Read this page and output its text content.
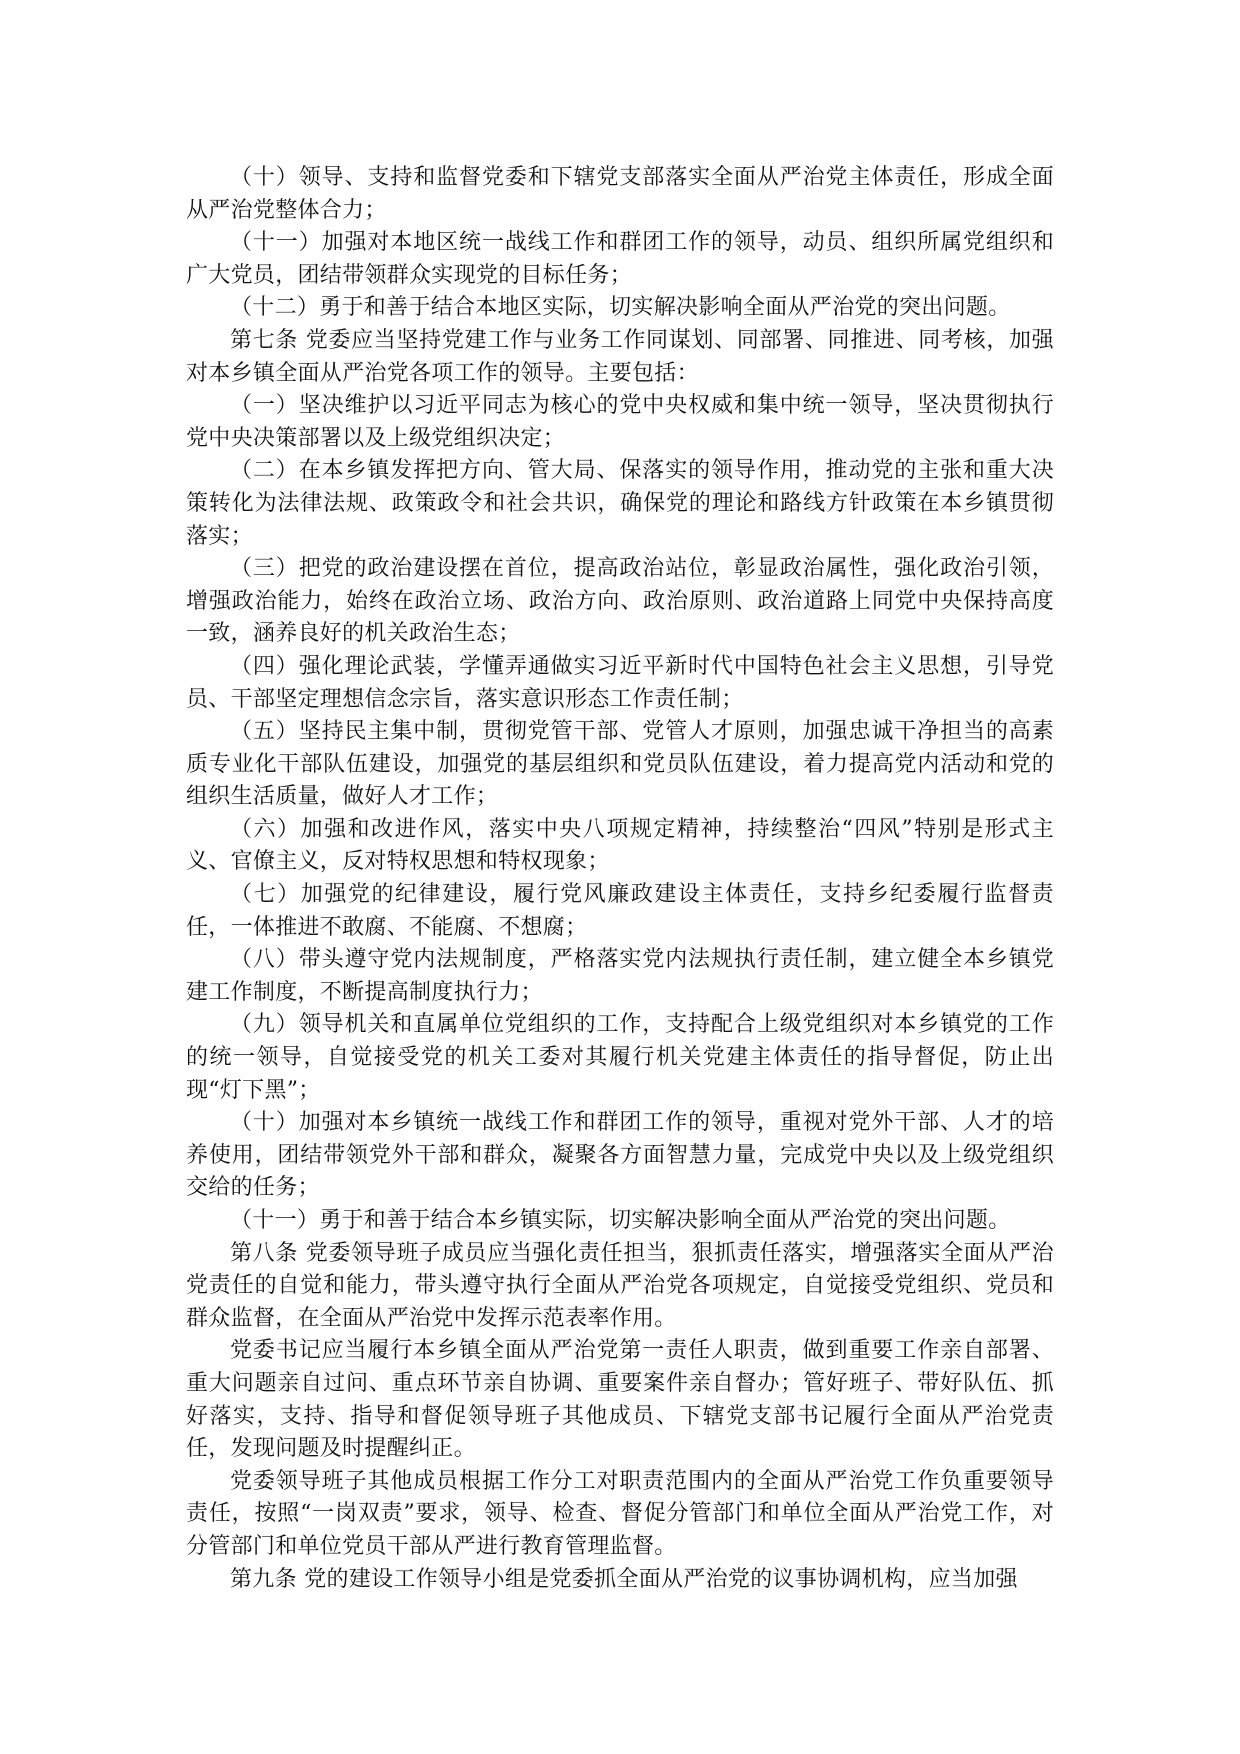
（十）领导、支持和监督党委和下辖党支部落实全面从严治党主体责任，形成全面从严治党整体合力；

（十一）加强对本地区统一战线工作和群团工作的领导，动员、组织所属党组织和广大党员，团结带领群众实现党的目标任务；

（十二）勇于和善于结合本地区实际，切实解决影响全面从严治党的突出问题。

第七条 党委应当坚持党建工作与业务工作同谋划、同部署、同推进、同考核，加强对本乡镇全面从严治党各项工作的领导。主要包括：

（一）坚决维护以习近平同志为核心的党中央权威和集中统一领导，坚决贯彻执行党中央决策部署以及上级党组织决定；

（二）在本乡镇发挥把方向、管大局、保落实的领导作用，推动党的主张和重大决策转化为法律法规、政策政令和社会共识，确保党的理论和路线方针政策在本乡镇贯彻落实；

（三）把党的政治建设摆在首位，提高政治站位，彰显政治属性，强化政治引领，增强政治能力，始终在政治立场、政治方向、政治原则、政治道路上同党中央保持高度一致，涵养良好的机关政治生态；

（四）强化理论武装，学懂弄通做实习近平新时代中国特色社会主义思想，引导党员、干部坚定理想信念宗旨，落实意识形态工作责任制；

（五）坚持民主集中制，贯彻党管干部、党管人才原则，加强忠诚干净担当的高素质专业化干部队伍建设，加强党的基层组织和党员队伍建设，着力提高党内活动和党的组织生活质量，做好人才工作；

（六）加强和改进作风，落实中央八项规定精神，持续整治“四风”特别是形式主义、官僚主义，反对特权思想和特权现象；

（七）加强党的纪律建设，履行党风廉政建设主体责任，支持乡纪委履行监督责任，一体推进不敢腐、不能腐、不想腐；

（八）带头遵守党内法规制度，严格落实党内法规执行责任制，建立健全本乡镇党建工作制度，不断提高制度执行力；

（九）领导机关和直属单位党组织的工作，支持配合上级党组织对本乡镇党的工作的统一领导，自觉接受党的机关工委对其履行机关党建主体责任的指导督促，防止出现“灯下黑”；

（十）加强对本乡镇统一战线工作和群团工作的领导，重视对党外干部、人才的培养使用，团结带领党外干部和群众，凝聚各方面智慧力量，完成党中央以及上级党组织交给的任务；

（十一）勇于和善于结合本乡镇实际，切实解决影响全面从严治党的突出问题。

第八条 党委领导班子成员应当强化责任担当，狠抓责任落实，增强落实全面从严治党责任的自觉和能力，带头遵守执行全面从严治党各项规定，自觉接受党组织、党员和群众监督，在全面从严治党中发挥示范表率作用。

党委书记应当履行本乡镇全面从严治党第一责任人职责，做到重要工作亲自部署、重大问题亲自过问、重点环节亲自协调、重要案件亲自督办；管好班子、带好队伍、抓好落实，支持、指导和督促领导班子其他成员、下辖党支部书记履行全面从严治党责任，发现问题及时提醒纠正。

党委领导班子其他成员根据工作分工对职责范围内的全面从严治党工作负重要领导责任，按照“一岗双责”要求，领导、检查、督促分管部门和单位全面从严治党工作，对分管部门和单位党员干部从严进行教育管理监督。

第九条 党的建设工作领导小组是党委抓全面从严治党的议事协调机构，应当加强
